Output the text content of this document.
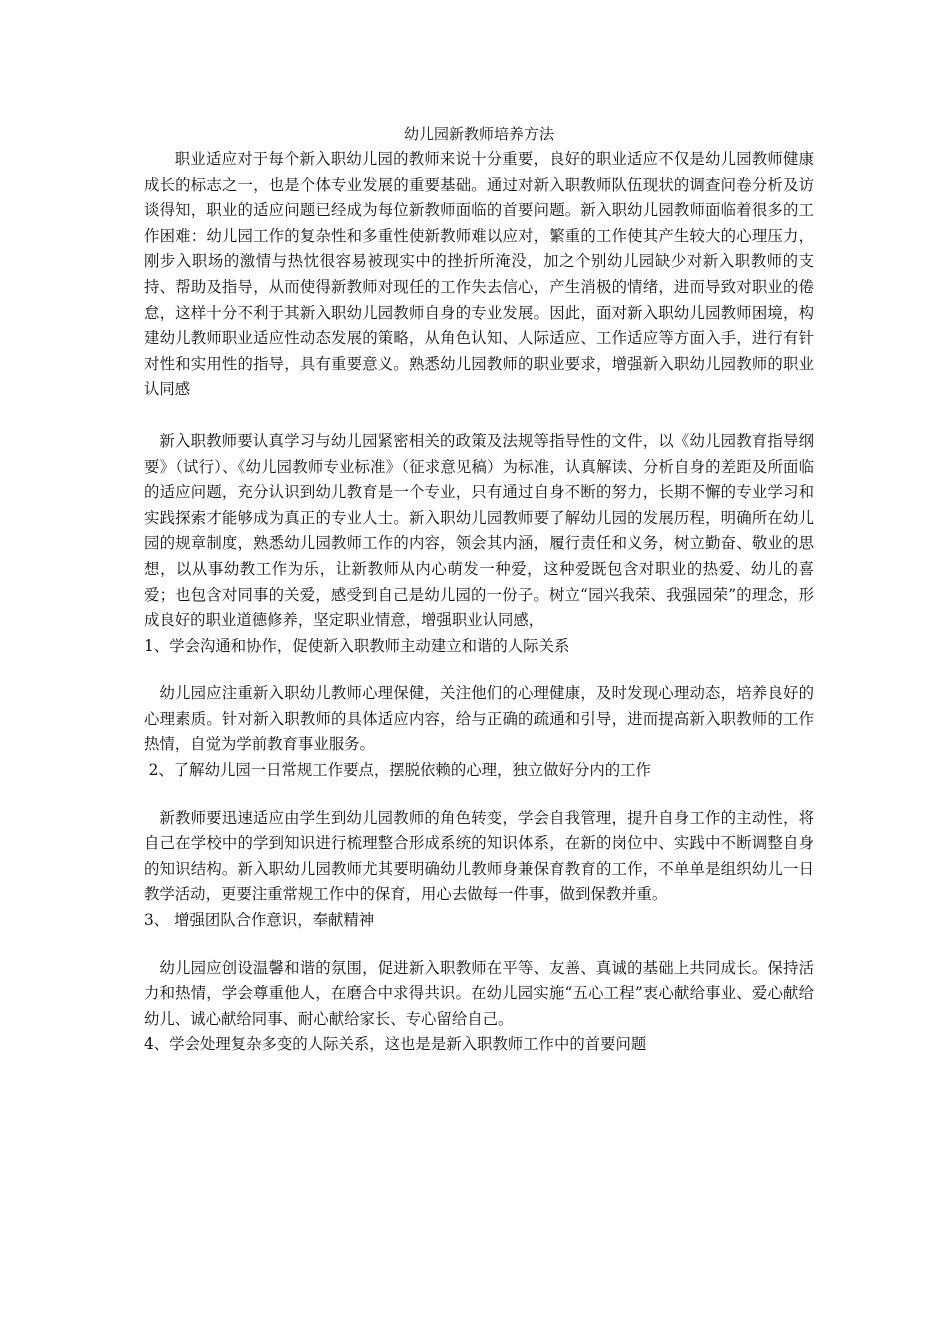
幼儿园新教师培养方法

职业适应对于每个新入职幼儿园的教师来说十分重要，良好的职业适应不仅是幼儿园教师健康成长的标志之一，也是个体专业发展的重要基础。通过对新入职教师队伍现状的调查问卷分析及访谈得知，职业的适应问题已经成为每位新教师面临的首要问题。新入职幼儿园教师面临着很多的工作困难：幼儿园工作的复杂性和多重性使新教师难以应对，繁重的工作使其产生较大的心理压力，刚步入职场的激情与热忱很容易被现实中的挫折所淹没，加之个别幼儿园缺少对新入职教师的支持、帮助及指导，从而使得新教师对现任的工作失去信心，产生消极的情绪，进而导致对职业的倦怠，这样十分不利于其新入职幼儿园教师自身的专业发展。因此，面对新入职幼儿园教师困境，构建幼儿教师职业适应性动态发展的策略，从角色认知、人际适应、工作适应等方面入手，进行有针对性和实用性的指导，具有重要意义。熟悉幼儿园教师的职业要求，增强新入职幼儿园教师的职业认同感

新入职教师要认真学习与幼儿园紧密相关的政策及法规等指导性的文件，以《幼儿园教育指导纲要》（试行）、《幼儿园教师专业标准》（征求意见稿）为标准，认真解读、分析自身的差距及所面临的适应问题，充分认识到幼儿教育是一个专业，只有通过自身不断的努力，长期不懈的专业学习和实践探索才能够成为真正的专业人士。新入职幼儿园教师要了解幼儿园的发展历程，明确所在幼儿园的规章制度，熟悉幼儿园教师工作的内容，领会其内涵，履行责任和义务，树立勤奋、敬业的思想，以从事幼教工作为乐，让新教师从内心萌发一种爱，这种爱既包含对职业的热爱、幼儿的喜爱；也包含对同事的关爱，感受到自己是幼儿园的一份子。树立“园兴我荣、我强园荣”的理念，形成良好的职业道德修养，坚定职业情意，增强职业认同感，

1、学会沟通和协作，促使新入职教师主动建立和谐的人际关系

幼儿园应注重新入职幼儿教师心理保健，关注他们的心理健康，及时发现心理动态，培养良好的心理素质。针对新入职教师的具体适应内容，给与正确的疏通和引导，进而提高新入职教师的工作热情，自觉为学前教育事业服务。

2、了解幼儿园一日常规工作要点，摆脱依赖的心理，独立做好分内的工作

新教师要迅速适应由学生到幼儿园教师的角色转变，学会自我管理，提升自身工作的主动性，将自己在学校中的学到知识进行梳理整合形成系统的知识体系，在新的岗位中、实践中不断调整自身的知识结构。新入职幼儿园教师尤其要明确幼儿教师身兼保育教育的工作，不单单是组织幼儿一日教学活动，更要注重常规工作中的保育，用心去做每一件事，做到保教并重。

3、 增强团队合作意识，奉献精神

幼儿园应创设温馨和谐的氛围，促进新入职教师在平等、友善、真诚的基础上共同成长。保持活力和热情，学会尊重他人，在磨合中求得共识。在幼儿园实施“五心工程”衷心献给事业、爱心献给幼儿、诚心献给同事、耐心献给家长、专心留给自己。

4、学会处理复杂多变的人际关系，这也是是新入职教师工作中的首要问题
